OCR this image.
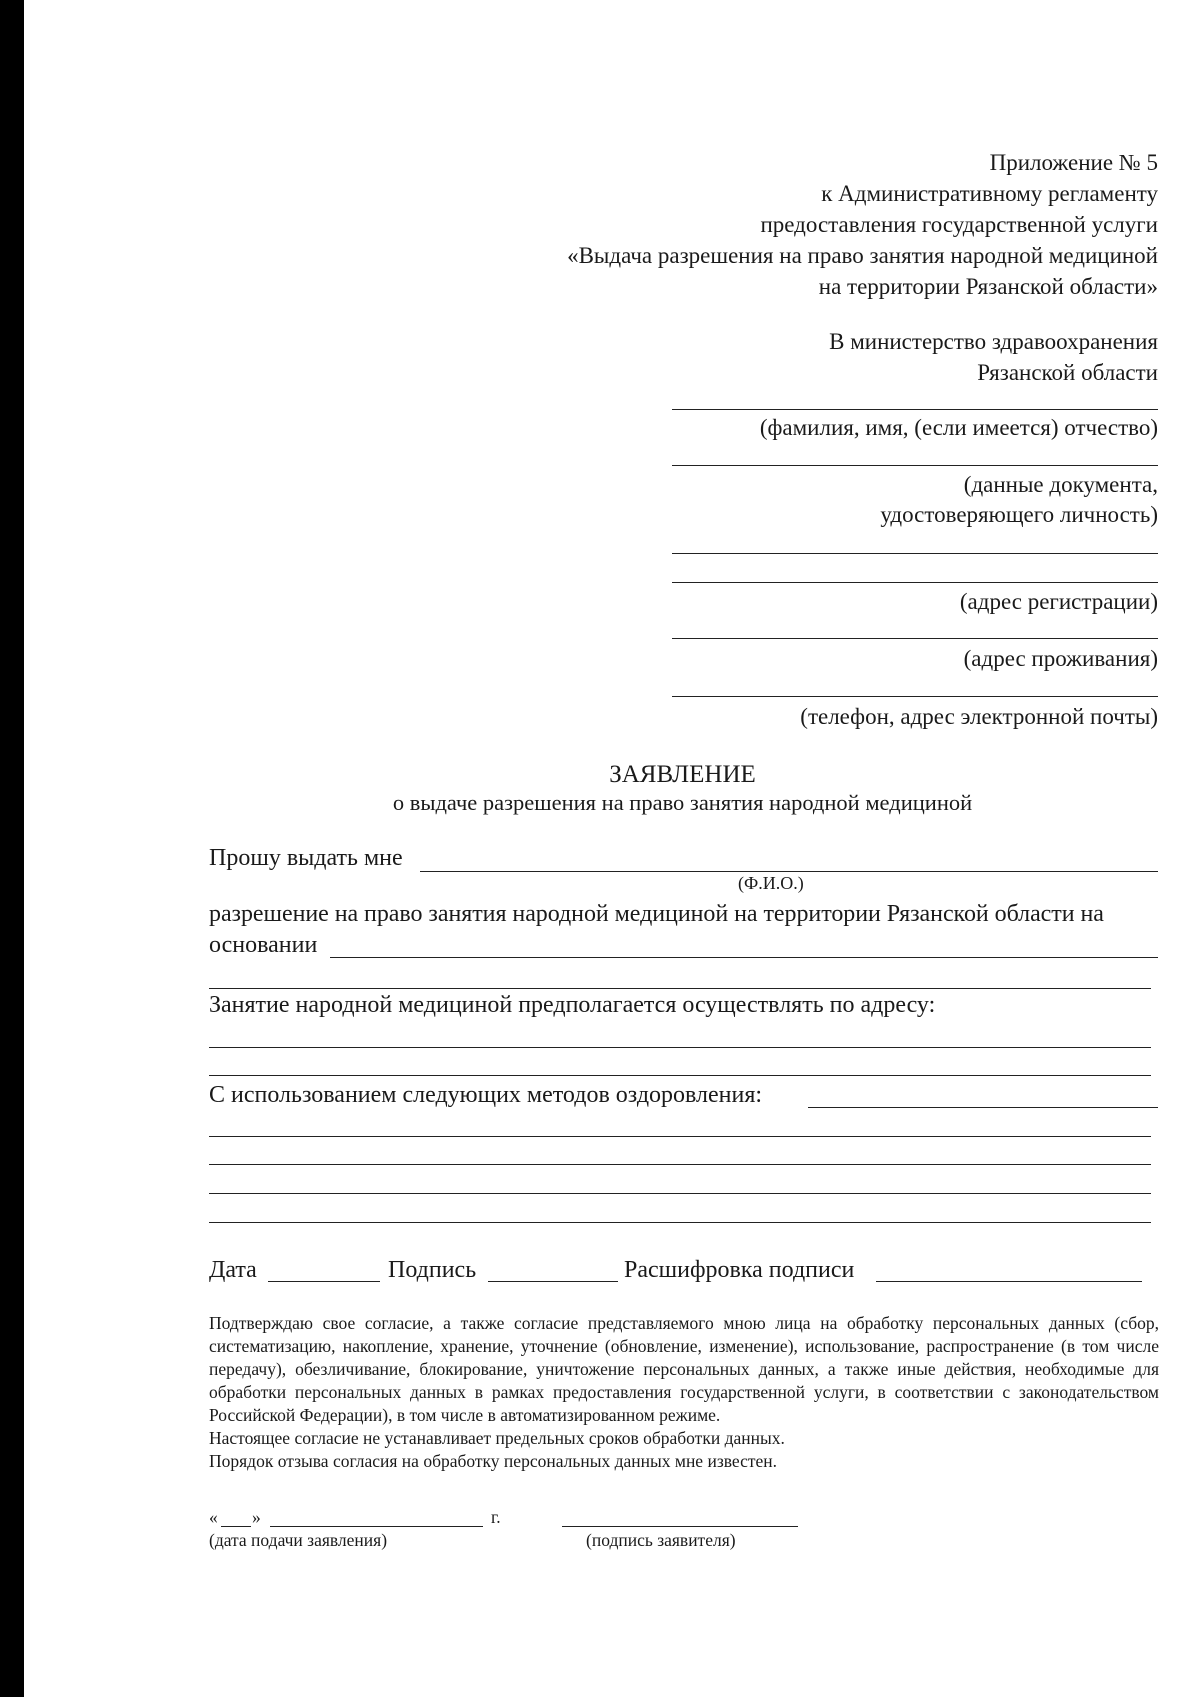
Приложение № 5
к Административному регламенту
предоставления государственной услуги
«Выдача разрешения на право занятия народной медициной
на территории Рязанской области»
В министерство здравоохранения
Рязанской области
(фамилия, имя, (если имеется) отчество)
(данные документа,
удостоверяющего личность)
(адрес регистрации)
(адрес проживания)
(телефон, адрес электронной почты)
ЗАЯВЛЕНИЕ
о выдаче разрешения на право занятия народной медициной
Прошу выдать мне
(Ф.И.О.)
разрешение на право занятия народной медициной на территории Рязанской области на
основании
Занятие народной медициной предполагается осуществлять по адресу:
С использованием следующих методов оздоровления:
Дата	Подпись	Расшифровка подписи

Подтверждаю свое согласие, а также согласие представляемого мною лица на обработку персональных данных (сбор, систематизацию, накопление, хранение, уточнение (обновление, изменение), использование, распространение (в том числе передачу), обезличивание, блокирование, уничтожение персональных данных, а также иные действия, необходимые для обработки персональных данных в рамках предоставления государственной услуги, в соответствии с законодательством Российской Федерации), в том числе в автоматизированном режиме.

Настоящее согласие не устанавливает предельных сроков обработки данных.

Порядок отзыва согласия на обработку персональных данных мне известен.

« »	г.
(дата подачи заявления)	(подпись заявителя)
